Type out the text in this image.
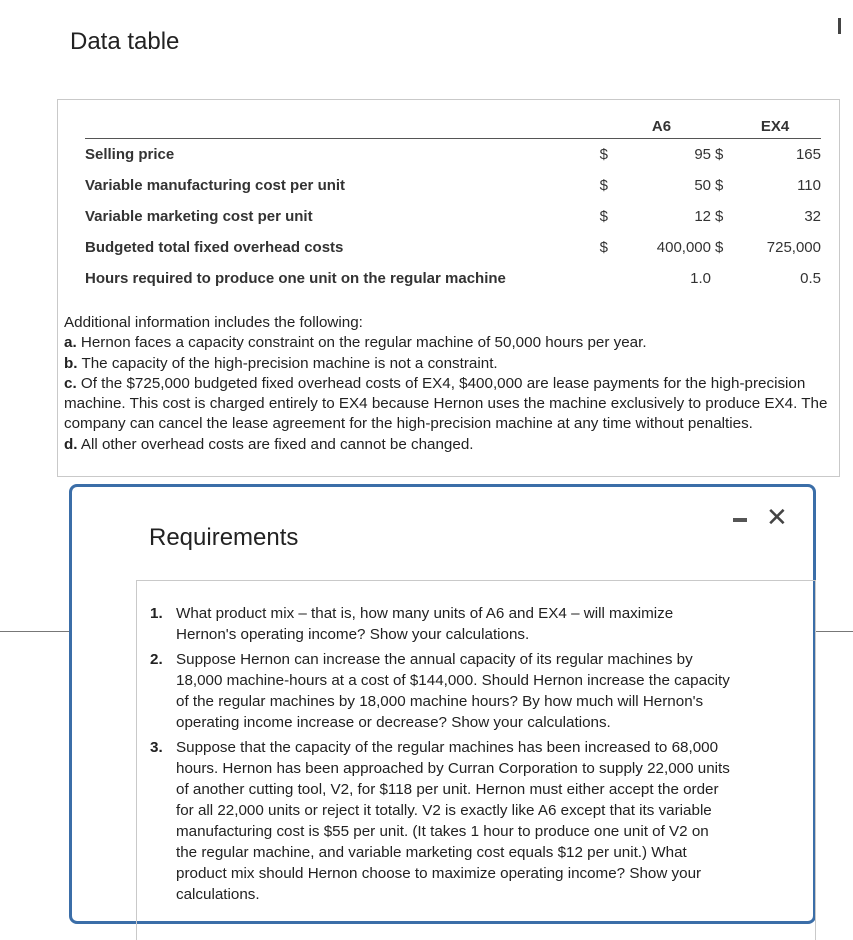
Data table
		A6		EX4
Selling price	$	95	$	165
Variable manufacturing cost per unit	$	50	$	110
Variable marketing cost per unit	$	12	$	32
Budgeted total fixed overhead costs	$	400,000	$	725,000
Hours required to produce one unit on the regular machine		1.0		0.5

Additional information includes the following:

a. Hernon faces a capacity constraint on the regular machine of 50,000 hours per year.

b. The capacity of the high-precision machine is not a constraint.

c. Of the $725,000 budgeted fixed overhead costs of EX4, $400,000 are lease payments for the high-precision machine. This cost is charged entirely to EX4 because Hernon uses the machine exclusively to produce EX4. The company can cancel the lease agreement for the high-precision machine at any time without penalties.

d. All other overhead costs are fixed and cannot be changed.

✕
Requirements
1. What product mix – that is, how many units of A6 and EX4 – will maximize Hernon's operating income? Show your calculations.
2. Suppose Hernon can increase the annual capacity of its regular machines by 18,000 machine-hours at a cost of $144,000. Should Hernon increase the capacity of the regular machines by 18,000 machine hours? By how much will Hernon's operating income increase or decrease? Show your calculations.
3. Suppose that the capacity of the regular machines has been increased to 68,000 hours. Hernon has been approached by Curran Corporation to supply 22,000 units of another cutting tool, V2, for $118 per unit. Hernon must either accept the order for all 22,000 units or reject it totally. V2 is exactly like A6 except that its variable manufacturing cost is $55 per unit. (It takes 1 hour to produce one unit of V2 on the regular machine, and variable marketing cost equals $12 per unit.) What product mix should Hernon choose to maximize operating income? Show your calculations.
